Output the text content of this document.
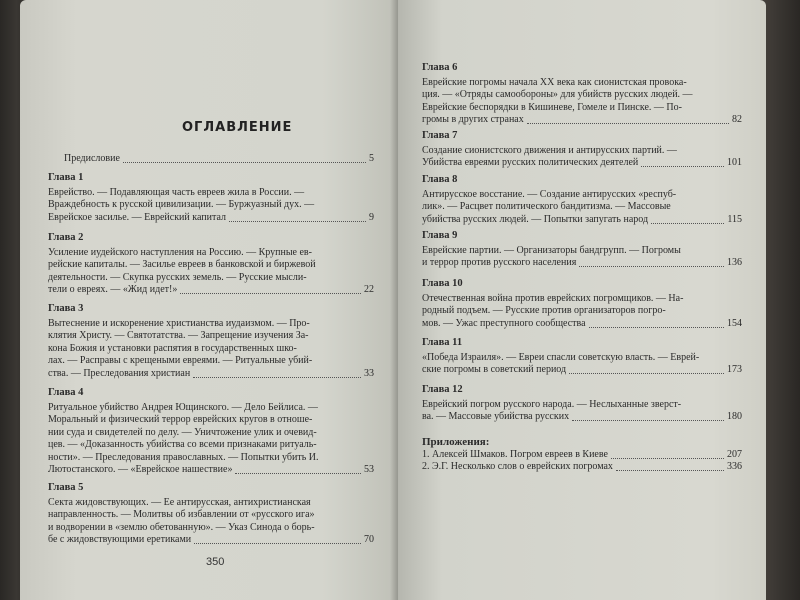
ОГЛАВЛЕНИЕ
Предисловие	5
Глава 1
Еврейство. — Подавляющая часть евреев жила в России. —
Враждебность к русской цивилизации. — Буржуазный дух. —
Еврейское засилье. — Еврейский капитал	9
Глава 2
Усиление иудейского наступления на Россию. — Крупные ев-
рейские капиталы. — Засилье евреев в банковской и биржевой
деятельности. — Скупка русских земель. — Русские мысли-
тели о евреях. — «Жид идет!»	22
Глава 3
Вытеснение и искоренение христианства иудаизмом. — Про-
клятия Христу. — Святотатства. — Запрещение изучения За-
кона Божия и установки распятия в государственных шко-
лах. — Расправы с крещеными евреями. — Ритуальные убий-
ства. — Преследования христиан	33
Глава 4
Ритуальное убийство Андрея Ющинского. — Дело Бейлиса. —
Моральный и физический террор еврейских кругов в отноше-
нии суда и свидетелей по делу. — Уничтожение улик и очевид-
цев. — «Доказанность убийства со всеми признаками ритуаль-
ности». — Преследования православных. — Попытки убить И.
Лютостанского. — «Еврейское нашествие»	53
Глава 5
Секта жидовствующих. — Ее антирусская, антихристианская
направленность. — Молитвы об избавлении от «русского ига»
и водворении в «землю обетованную». — Указ Синода о борь-
бе с жидовствующими еретиками	70
350
Глава 6
Еврейские погромы начала XX века как сионистская провока-
ция. — «Отряды самообороны» для убийств русских людей. —
Еврейские беспорядки в Кишиневе, Гомеле и Пинске. — По-
громы в других странах	82
Глава 7
Создание сионистского движения и антирусских партий. —
Убийства евреями русских политических деятелей	101
Глава 8
Антирусское восстание. — Создание антирусских «респуб-
лик». — Расцвет политического бандитизма. — Массовые
убийства русских людей. — Попытки запугать народ	115
Глава 9
Еврейские партии. — Организаторы бандгрупп. — Погромы
и террор против русского населения	136
Глава 10
Отечественная война против еврейских погромщиков. — На-
родный подъем. — Русские против организаторов погро-
мов. — Ужас преступного сообщества	154
Глава 11
«Победа Израиля». — Евреи спасли советскую власть. — Еврей-
ские погромы в советский период	173
Глава 12
Еврейский погром русского народа. — Неслыханные зверст-
ва. — Массовые убийства русских	180
Приложения:
1. Алексей Шмаков. Погром евреев в Киеве	207
2. Э.Г. Несколько слов о еврейских погромах	336
